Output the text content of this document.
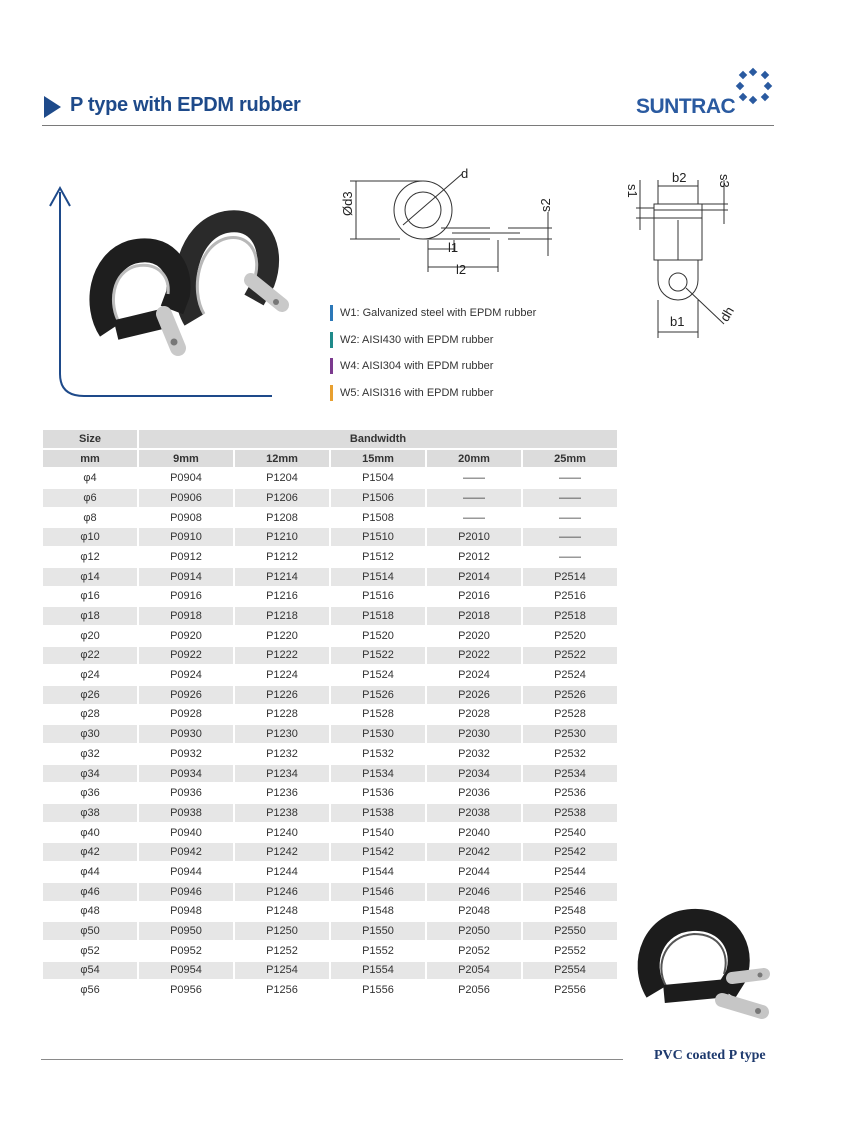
P type with EPDM rubber	SUNTRAC
Ød3
d
s2
l1
l2
b2
s1
s3
b1 dh
W1: Galvanized steel with EPDM rubber
W2: AISI430 with EPDM rubber
W4: AISI304 with EPDM rubber
W5: AISI316 with EPDM rubber
Size	Bandwidth				
mm	9mm	12mm	15mm	20mm	25mm
φ4	P0904	P1204	P1504	——	——
φ6	P0906	P1206	P1506	——	——
φ8	P0908	P1208	P1508	——	——
φ10	P0910	P1210	P1510	P2010	——
φ12	P0912	P1212	P1512	P2012	——
φ14	P0914	P1214	P1514	P2014	P2514
φ16	P0916	P1216	P1516	P2016	P2516
φ18	P0918	P1218	P1518	P2018	P2518
φ20	P0920	P1220	P1520	P2020	P2520
φ22	P0922	P1222	P1522	P2022	P2522
φ24	P0924	P1224	P1524	P2024	P2524
φ26	P0926	P1226	P1526	P2026	P2526
φ28	P0928	P1228	P1528	P2028	P2528
φ30	P0930	P1230	P1530	P2030	P2530
φ32	P0932	P1232	P1532	P2032	P2532
φ34	P0934	P1234	P1534	P2034	P2534
φ36	P0936	P1236	P1536	P2036	P2536
φ38	P0938	P1238	P1538	P2038	P2538
φ40	P0940	P1240	P1540	P2040	P2540
φ42	P0942	P1242	P1542	P2042	P2542
φ44	P0944	P1244	P1544	P2044	P2544
φ46	P0946	P1246	P1546	P2046	P2546
φ48	P0948	P1248	P1548	P2048	P2548
φ50	P0950	P1250	P1550	P2050	P2550
φ52	P0952	P1252	P1552	P2052	P2552
φ54	P0954	P1254	P1554	P2054	P2554
φ56	P0956	P1256	P1556	P2056	P2556
PVC coated P type
